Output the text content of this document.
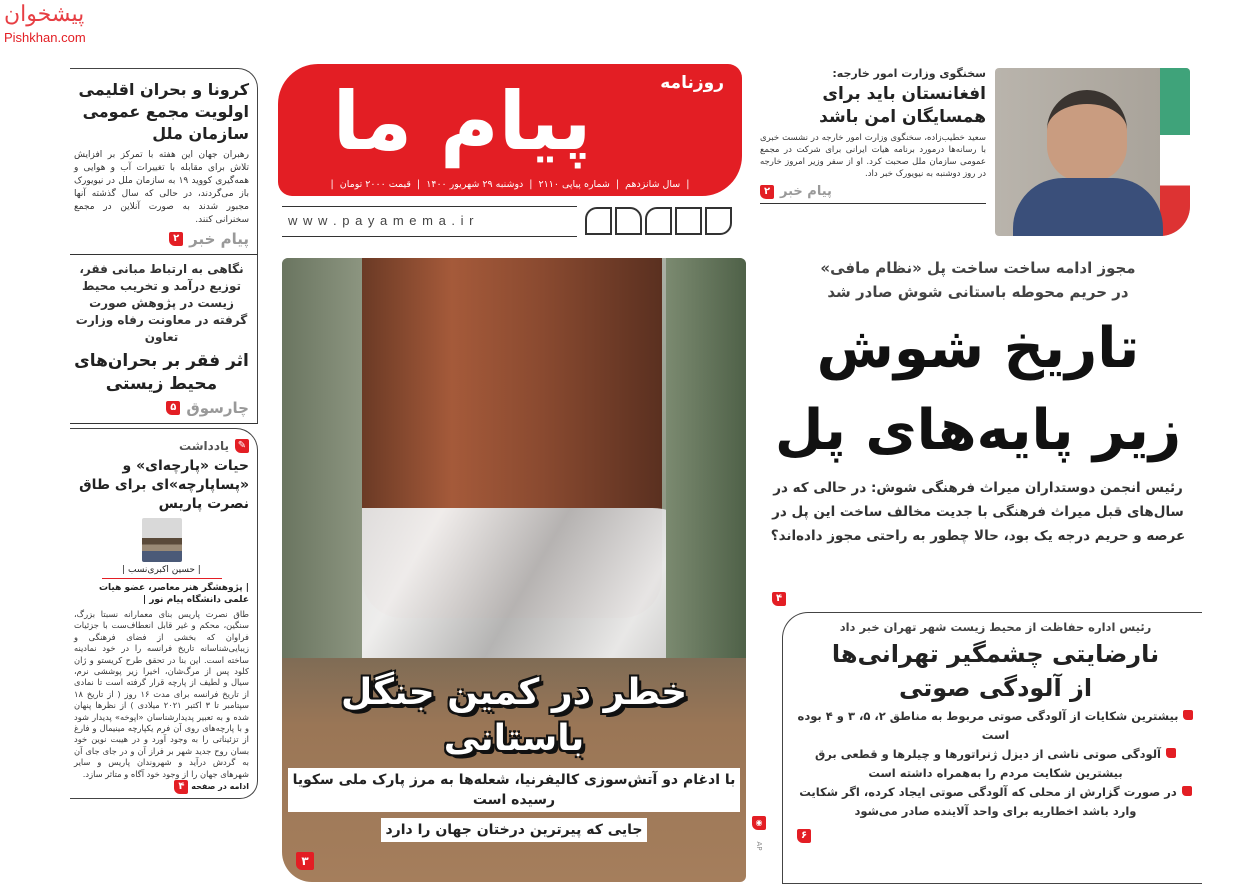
پیشخوان
Pishkhan.com
کرونا و بحران اقلیمی اولویت مجمع عمومی سازمان ملل
رهبران جهان این هفته با تمرکز بر افزایش تلاش برای مقابله با تغییرات آب و هوایی و همه‌گیری کووید ۱۹ به سازمان ملل در نیویورک باز می‌گردند، در حالی که سال گذشته آنها مجبور شدند به صورت آنلاین در مجمع سخنرانی کنند.
پیام خبر
۲
نگاهی به ارتباط مبانی فقر، توزیع درآمد و تخریب محیط زیست در پژوهش صورت گرفته در معاونت رفاه وزارت تعاون
اثر فقر بر بحران‌های محیط زیستی
چارسوق
۵
✎
یادداشت
حیات «پارچه‌ای» و «پساپارچه»‌ای برای طاق نصرت پاریس
| حسین اکبری‌نسب |
| پژوهشگر هنر معاصر، عضو هیات علمی دانشگاه پیام نور |
طاق نصرت پاریس بنای معمارانه نسبتا بزرگ، سنگین، محکم و غیر قابل انعطاف‌ست با جزئیات فراوان که بخشی از فضای فرهنگی و زیبایی‌شناسانه تاریخ فرانسه را در خود نمادینه ساخته است. این بنا در تحقق طرح کریستو و ژان کلود پس از مرگ‌شان، اخیرا زیر پوششی نرم، سیال و لطیف از پارچه قرار گرفته است تا نمادی از تاریخ فرانسه برای مدت ۱۶ روز ( از تاریخ ۱۸ سپتامبر تا ۳ اکتبر ۲۰۲۱ میلادی ) از نظرها پنهان شده و به تعبیر پدیدارشناسان «اپوخه» پدیدار شود و با پارچه‌های روی آن فرم یکپارچه مینیمال و فارغ از تزئیناتی را به وجود آورد و در هیبت نوین خود بسان روح جدید شهر بر فراز آن و در جای جای آن به گردش درآید و شهروندان پاریس و سایر شهرهای جهان را از وجود خود آگاه و متاثر سازد.
ادامه در صفحه ۴
روزنامه
پیام ما
|  سال شانزدهم  |  شماره پیاپی ۲۱۱۰  |  دوشنبه ۲۹ شهریور ۱۴۰۰  |  قیمت ۲۰۰۰ تومان  |
w w w . p a y a m e m a . i r
خطر در کمین جنگل باستانی
با ادغام دو آتش‌سوزی کالیفرنیا، شعله‌ها به مرز پارک ملی سکویا رسیده است
جایی که پیرترین درختان جهان را دارد
۳
◉
AP
سخنگوی وزارت امور خارجه:
افغانستان باید برای همسایگان امن باشد
سعید خطیب‌زاده، سخنگوی وزارت امور خارجه در نشست خبری با رسانه‌ها درمورد برنامه هیات ایرانی برای شرکت در مجمع عمومی سازمان ملل صحبت کرد. او از سفر وزیر امروز خارجه در روز دوشنبه به نیویورک خبر داد.
پیام خبر
۲
مجوز ادامه ساخت ساخت پل «نظام مافی»
در حریم محوطه باستانی شوش صادر شد
تاریخ شوش
زیر پایه‌های پل
رئیس انجمن دوستداران میراث فرهنگی شوش: در حالی که در سال‌های قبل میراث فرهنگی با جدیت مخالف ساخت این پل در عرصه و حریم درجه یک بود، حالا چطور به راحتی مجوز داده‌اند؟
۴
رئیس اداره حفاظت از محیط زیست شهر تهران خبر داد
نارضایتی چشمگیر تهرانی‌ها
از آلودگی صوتی
بیشترین شکایات از آلودگی صوتی مربوط به مناطق ۲، ۵، ۳ و ۴ بوده است
آلودگی صوتی ناشی از دیزل ژنراتورها و چیلرها و قطعی برق بیشترین شکایت مردم را به‌همراه داشته است
در صورت گزارش از محلی که آلودگی صوتی ایجاد کرده، اگر شکایت وارد باشد اخطاریه برای واحد آلاینده صادر می‌شود
۶
